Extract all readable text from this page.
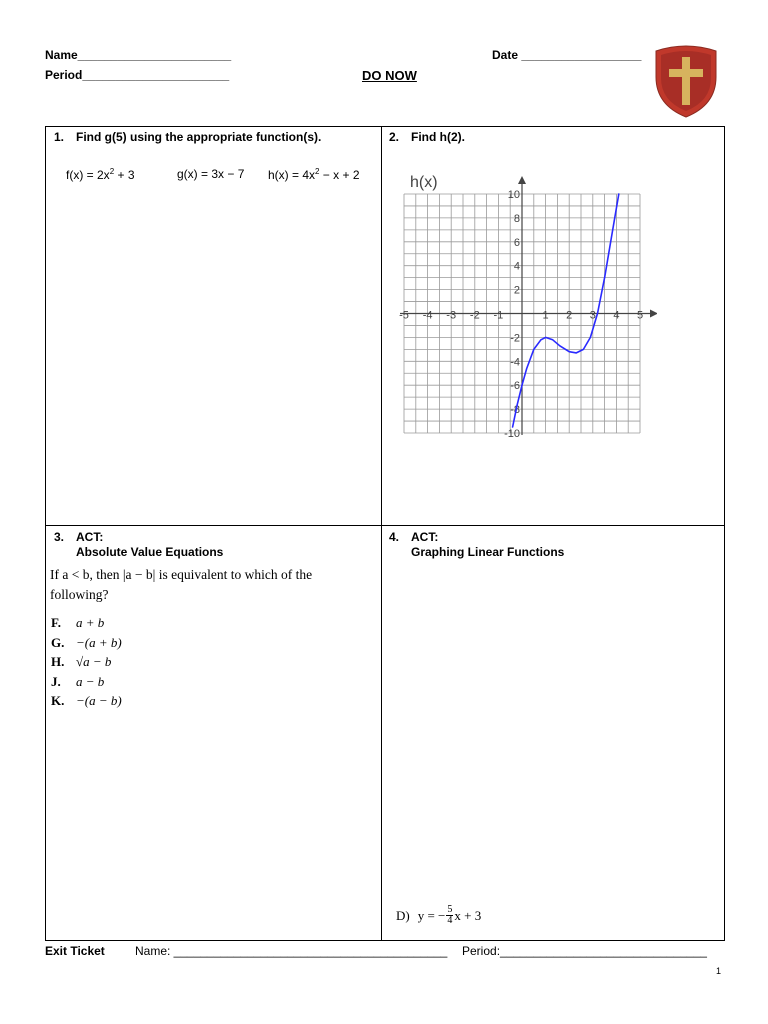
Name_______________________
Period______________________
Date __________________
DO NOW
1. Find g(5) using the appropriate function(s).
$f(x) = 2x^2 + 3$	g(x) = 3x − 7 $h(x) = 4x^2 - x + 2$
2. Find h(2).
3. ACT:
Absolute Value Equations
If a < b, then |a − b| is equivalent to which of the
following?
F. a + b
G. −(a + b)
H. √a − b
J. a − b
K. −(a − b)
4. ACT:
Graphing Linear Functions
D) y = − $\frac{5}{4}$ x + 3
h(x)
-5 -4 -3 -2 -1	1 2 3 4 5
10
8
6
4
2
-2
-4
-6
-8
-10
Exit Ticket	Name: _________________________________________ Period:_______________________________
1
